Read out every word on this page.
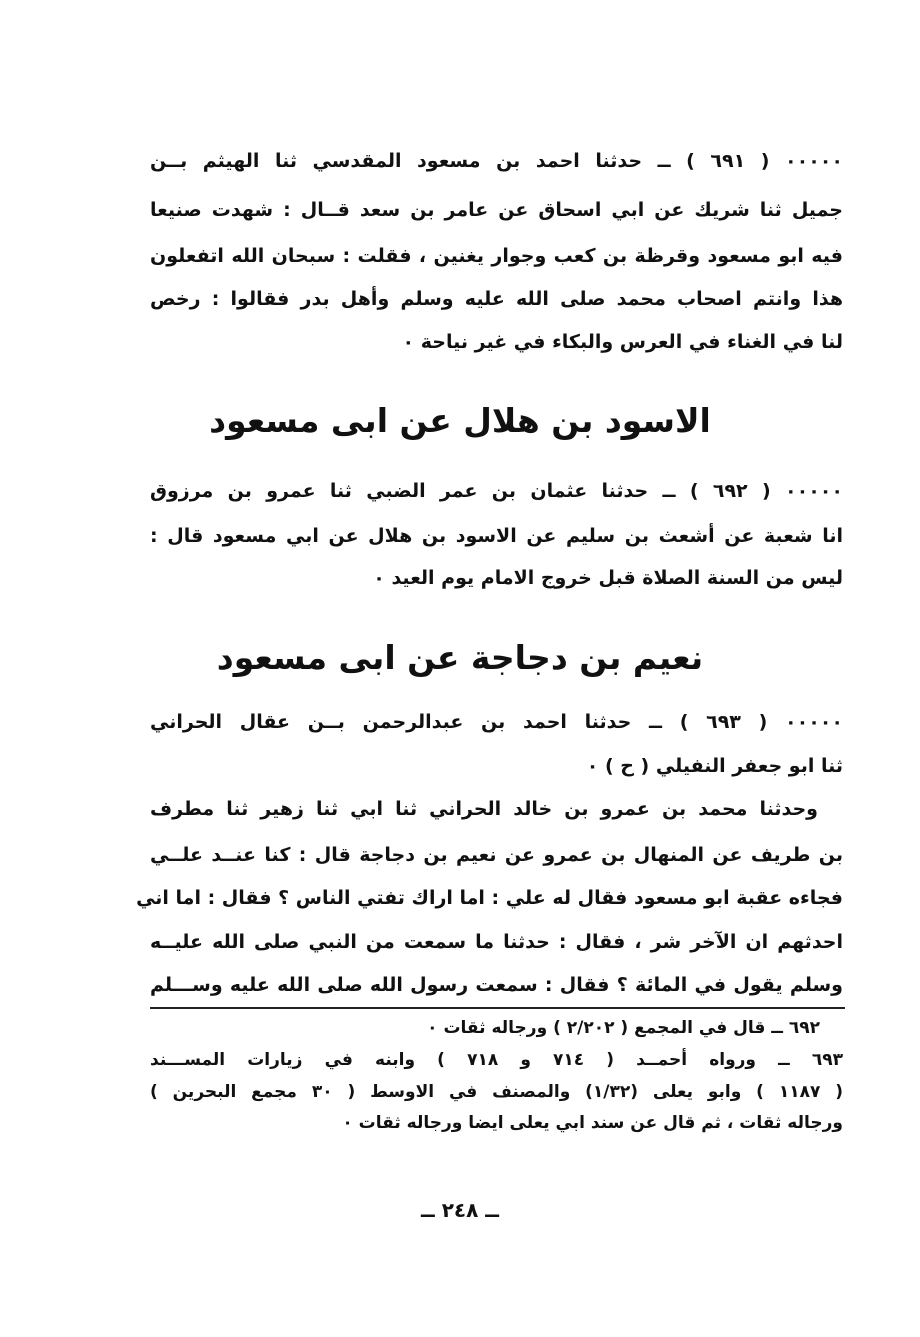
٠٠٠٠٠ ( ٦٩١ ) ــ حدثنا احمد بن مسعود المقدسي ثنا الهيثم بــن
جميل ثنا شريك عن ابي اسحاق عن عامر بن سعد قــال : شهدت صنيعا
فيه ابو مسعود وقرظة بن كعب وجوار يغنين ، فقلت : سبحان الله اتفعلون
هذا وانتم اصحاب محمد صلى الله عليه وسلم وأهل بدر فقالوا : رخص
لنا في الغناء في العرس والبكاء في غير نياحة ٠
الاسود بن هلال عن ابى مسعود
٠٠٠٠٠ ( ٦٩٢ ) ــ حدثنا عثمان بن عمر الضبي ثنا عمرو بن مرزوق
انا شعبة عن أشعث بن سليم عن الاسود بن هلال عن ابي مسعود قال :
ليس من السنة الصلاة قبل خروج الامام يوم العيد ٠
نعيم بن دجاجة عن ابى مسعود
٠٠٠٠٠ ( ٦٩٣ ) ــ حدثنا احمد بن عبدالرحمن بــن عقال الحراني
ثنا ابو جعفر النفيلي ( ح ) ٠
وحدثنا محمد بن عمرو بن خالد الحراني ثنا ابي ثنا زهير ثنا مطرف
بن طريف عن المنهال بن عمرو عن نعيم بن دجاجة قال : كنا عنــد علــي
فجاءه عقبة ابو مسعود فقال له علي : اما اراك تفتي الناس ؟ فقال : اما اني
احدثهم ان الآخر شر ، فقال : حدثنا ما سمعت من النبي صلى الله عليــه
وسلم يقول في المائة ؟ فقال : سمعت رسول الله صلى الله عليه وســـلم
٦٩٢ ــ قال في المجمع ( ٢/٢٠٢ ) ورجاله ثقات ٠
٦٩٣ ــ ورواه أحمــد ( ٧١٤ و ٧١٨ ) وابنه في زيارات المســـند
( ١١٨٧ ) وابو يعلى (١/٣٢) والمصنف في الاوسط ( ٣٠ مجمع البحرين )
ورجاله ثقات ، ثم قال عن سند ابي يعلى ايضا ورجاله ثقات ٠
ــ ٢٤٨ ــ
